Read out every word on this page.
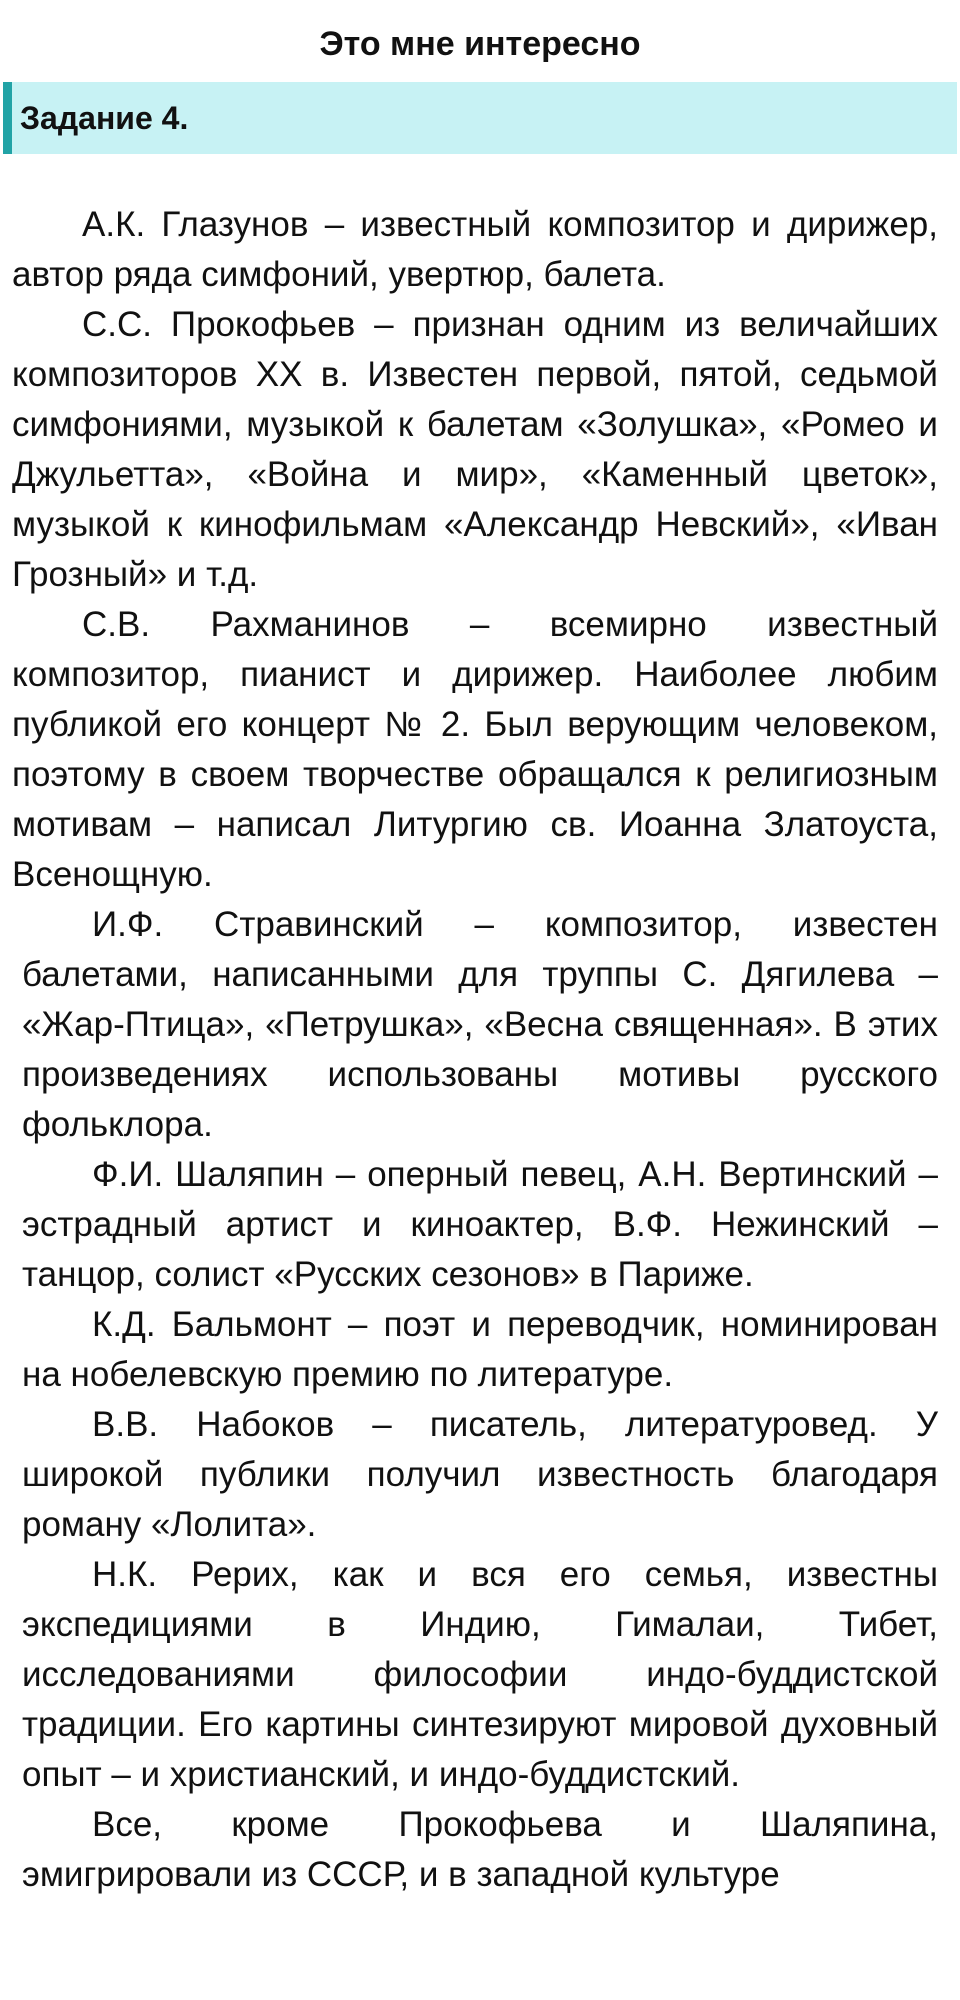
Это мне интересно
Задание 4.

А.К. Глазунов – известный композитор и дирижер, автор ряда симфоний, увертюр, балета.

С.С. Прокофьев – признан одним из величайших композиторов XX в. Известен первой, пятой, седьмой симфониями, музыкой к балетам «Золушка», «Ромео и Джульетта», «Война и мир», «Каменный цветок», музыкой к кинофильмам «Александр Невский», «Иван Грозный» и т.д.

С.В. Рахманинов – всемирно известный композитор, пианист и дирижер. Наиболее любим публикой его концерт № 2. Был верующим человеком, поэтому в своем творчестве обращался к религиозным мотивам – написал Литургию св. Иоанна Златоуста, Всенощную.

И.Ф. Стравинский – композитор, известен балетами, написанными для труппы С. Дягилева – «Жар-Птица», «Петрушка», «Весна священная». В этих произведениях использованы мотивы русского фольклора.

Ф.И. Шаляпин – оперный певец, А.Н. Вертинский – эстрадный артист и киноактер, В.Ф. Нежинский – танцор, солист «Русских сезонов» в Париже.

К.Д. Бальмонт – поэт и переводчик, номинирован на нобелевскую премию по литературе.

В.В. Набоков – писатель, литературовед. У широкой публики получил известность благодаря роману «Лолита».

Н.К. Рерих, как и вся его семья, известны экспедициями в Индию, Гималаи, Тибет, исследованиями философии индо-буддистской традиции. Его картины синтезируют мировой духовный опыт – и христианский, и индо-буддистский.

Все, кроме Прокофьева и Шаляпина, эмигрировали из СССР, и в западной культуре
